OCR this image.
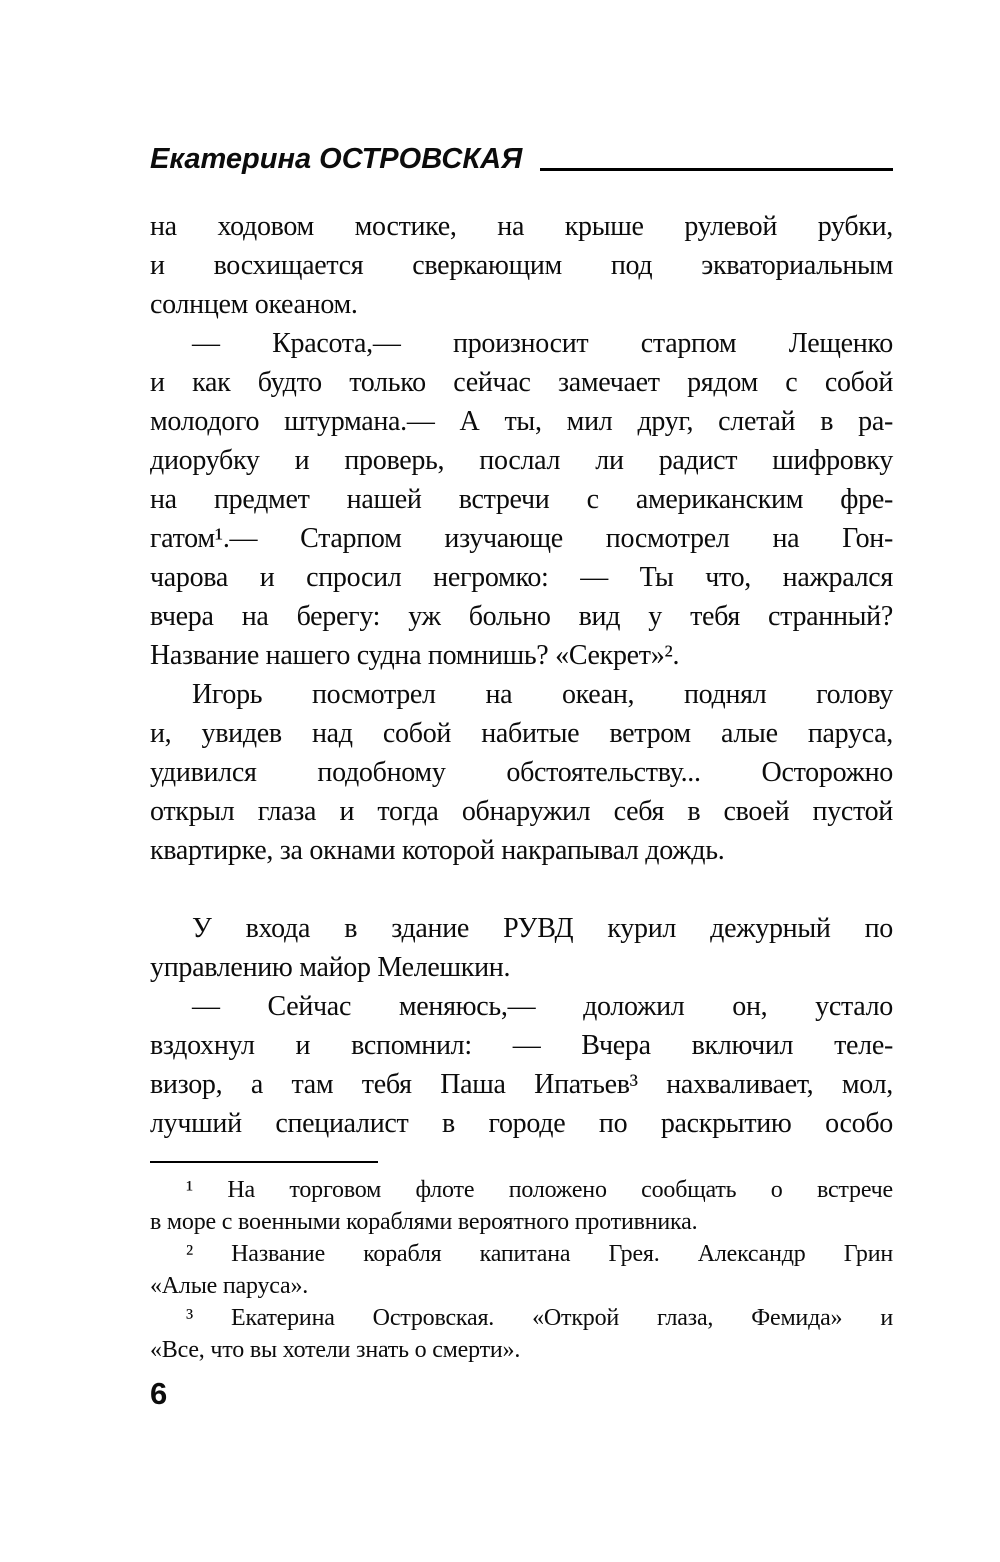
Екатерина ОСТРОВСКАЯ
на ходовом мостике, на крыше рулевой рубки,
и восхищается сверкающим под экваториальным
солнцем океаном.
— Красота,— произносит старпом Лещенко
и как будто только сейчас замечает рядом с собой
молодого штурмана.— А ты, мил друг, слетай в ра-
диорубку и проверь, послал ли радист шифровку
на предмет нашей встречи с американским фре-
гатом¹.— Старпом изучающе посмотрел на Гон-
чарова и спросил негромко: — Ты что, нажрался
вчера на берегу: уж больно вид у тебя странный?
Название нашего судна помнишь? «Секрет»².
Игорь посмотрел на океан, поднял голову
и, увидев над собой набитые ветром алые паруса,
удивился подобному обстоятельству... Осторожно
открыл глаза и тогда обнаружил себя в своей пустой
квартирке, за окнами которой накрапывал дождь.
У входа в здание РУВД курил дежурный по
управлению майор Мелешкин.
— Сейчас меняюсь,— доложил он, устало
вздохнул и вспомнил: — Вчера включил теле-
визор, а там тебя Паша Ипатьев³ нахваливает, мол,
лучший специалист в городе по раскрытию особо
¹ На торговом флоте положено сообщать о встрече
в море с военными кораблями вероятного противника.
² Название корабля капитана Грея. Александр Грин
«Алые паруса».
³ Екатерина Островская. «Открой глаза, Фемида» и
«Все, что вы хотели знать о смерти».
6
